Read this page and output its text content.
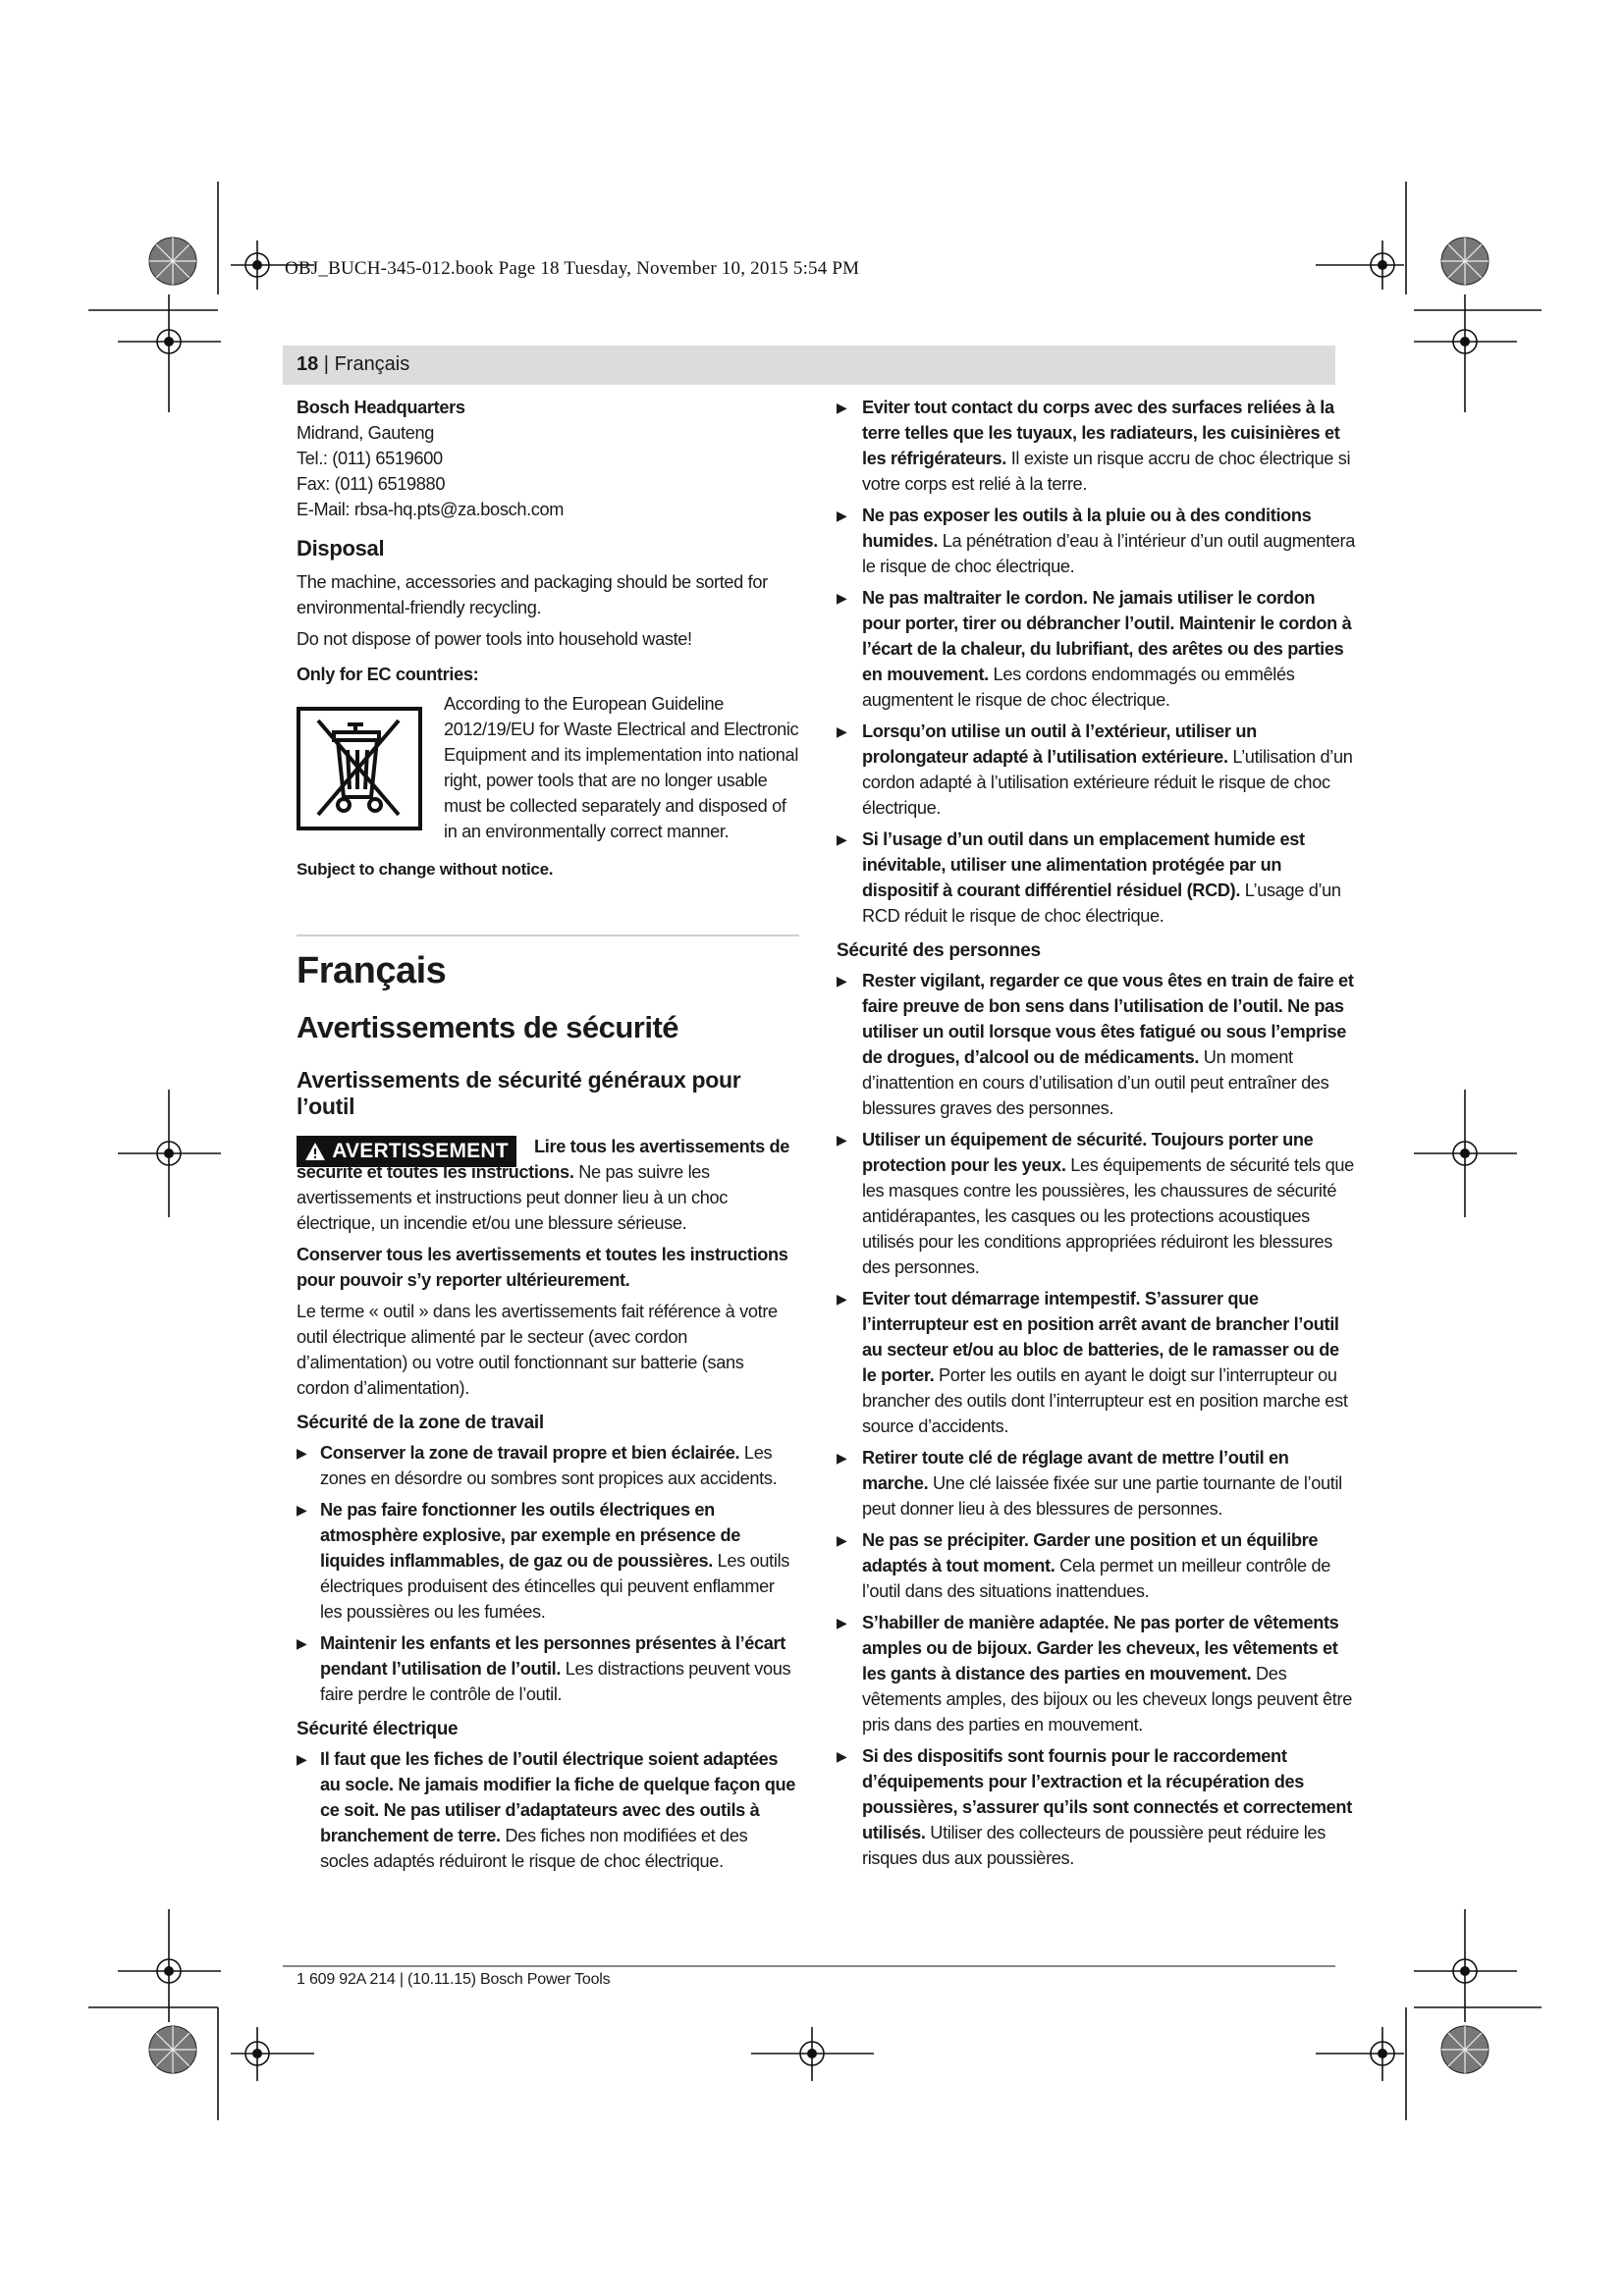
OBJ_BUCH-345-012.book Page 18 Tuesday, November 10, 2015 5:54 PM
18 | Français

Bosch Headquarters

Midrand, Gauteng

Tel.: (011) 6519600

Fax: (011) 6519880

E-Mail: rbsa-hq.pts@za.bosch.com

Disposal

The machine, accessories and packaging should be sorted for environmental-friendly recycling.

Do not dispose of power tools into household waste!

Only for EC countries:

According to the European Guideline 2012/19/EU for Waste Electrical and Electronic Equipment and its implementation into national right, power tools that are no longer usable must be collected separately and disposed of in an environmentally correct manner.

Subject to change without notice.

Français

Avertissements de sécurité

Avertissements de sécurité généraux pour l’outil

AVERTISSEMENT	Lire tous les avertissements de sécurité et toutes les instructions. Ne pas suivre les avertissements et instructions peut donner lieu à un choc électrique, un incendie et/ou une blessure sérieuse.

Conserver tous les avertissements et toutes les instructions pour pouvoir s’y reporter ultérieurement.

Le terme « outil » dans les avertissements fait référence à votre outil électrique alimenté par le secteur (avec cordon d’alimentation) ou votre outil fonctionnant sur batterie (sans cordon d’alimentation).

Sécurité de la zone de travail

▶ Conserver la zone de travail propre et bien éclairée. Les zones en désordre ou sombres sont propices aux accidents.

▶ Ne pas faire fonctionner les outils électriques en atmosphère explosive, par exemple en présence de liquides inflammables, de gaz ou de poussières. Les outils électriques produisent des étincelles qui peuvent enflammer les poussières ou les fumées.

▶ Maintenir les enfants et les personnes présentes à l’écart pendant l’utilisation de l’outil. Les distractions peuvent vous faire perdre le contrôle de l’outil.

Sécurité électrique

▶ Il faut que les fiches de l’outil électrique soient adaptées au socle. Ne jamais modifier la fiche de quelque façon que ce soit. Ne pas utiliser d’adaptateurs avec des outils à branchement de terre. Des fiches non modifiées et des socles adaptés réduiront le risque de choc électrique.

▶ Eviter tout contact du corps avec des surfaces reliées à la terre telles que les tuyaux, les radiateurs, les cuisinières et les réfrigérateurs. Il existe un risque accru de choc électrique si votre corps est relié à la terre.

▶ Ne pas exposer les outils à la pluie ou à des conditions humides. La pénétration d’eau à l’intérieur d’un outil augmentera le risque de choc électrique.

▶ Ne pas maltraiter le cordon. Ne jamais utiliser le cordon pour porter, tirer ou débrancher l’outil. Maintenir le cordon à l’écart de la chaleur, du lubrifiant, des arêtes ou des parties en mouvement. Les cordons endommagés ou emmêlés augmentent le risque de choc électrique.

▶ Lorsqu’on utilise un outil à l’extérieur, utiliser un prolongateur adapté à l’utilisation extérieure. L’utilisation d’un cordon adapté à l’utilisation extérieure réduit le risque de choc électrique.

▶ Si l’usage d’un outil dans un emplacement humide est inévitable, utiliser une alimentation protégée par un dispositif à courant différentiel résiduel (RCD). L’usage d’un RCD réduit le risque de choc électrique.

Sécurité des personnes

▶ Rester vigilant, regarder ce que vous êtes en train de faire et faire preuve de bon sens dans l’utilisation de l’outil. Ne pas utiliser un outil lorsque vous êtes fatigué ou sous l’emprise de drogues, d’alcool ou de médicaments. Un moment d’inattention en cours d’utilisation d’un outil peut entraîner des blessures graves des personnes.

▶ Utiliser un équipement de sécurité. Toujours porter une protection pour les yeux. Les équipements de sécurité tels que les masques contre les poussières, les chaussures de sécurité antidérapantes, les casques ou les protections acoustiques utilisés pour les conditions appropriées réduiront les blessures des personnes.

▶ Eviter tout démarrage intempestif. S’assurer que l’interrupteur est en position arrêt avant de brancher l’outil au secteur et/ou au bloc de batteries, de le ramasser ou de le porter. Porter les outils en ayant le doigt sur l’interrupteur ou brancher des outils dont l’interrupteur est en position marche est source d’accidents.

▶ Retirer toute clé de réglage avant de mettre l’outil en marche. Une clé laissée fixée sur une partie tournante de l’outil peut donner lieu à des blessures de personnes.

▶ Ne pas se précipiter. Garder une position et un équilibre adaptés à tout moment. Cela permet un meilleur contrôle de l’outil dans des situations inattendues.

▶ S’habiller de manière adaptée. Ne pas porter de vêtements amples ou de bijoux. Garder les cheveux, les vêtements et les gants à distance des parties en mouvement. Des vêtements amples, des bijoux ou les cheveux longs peuvent être pris dans des parties en mouvement.

▶ Si des dispositifs sont fournis pour le raccordement d’équipements pour l’extraction et la récupération des poussières, s’assurer qu’ils sont connectés et correctement utilisés. Utiliser des collecteurs de poussière peut réduire les risques dus aux poussières.

1 609 92A 214 | (10.11.15) Bosch Power Tools
